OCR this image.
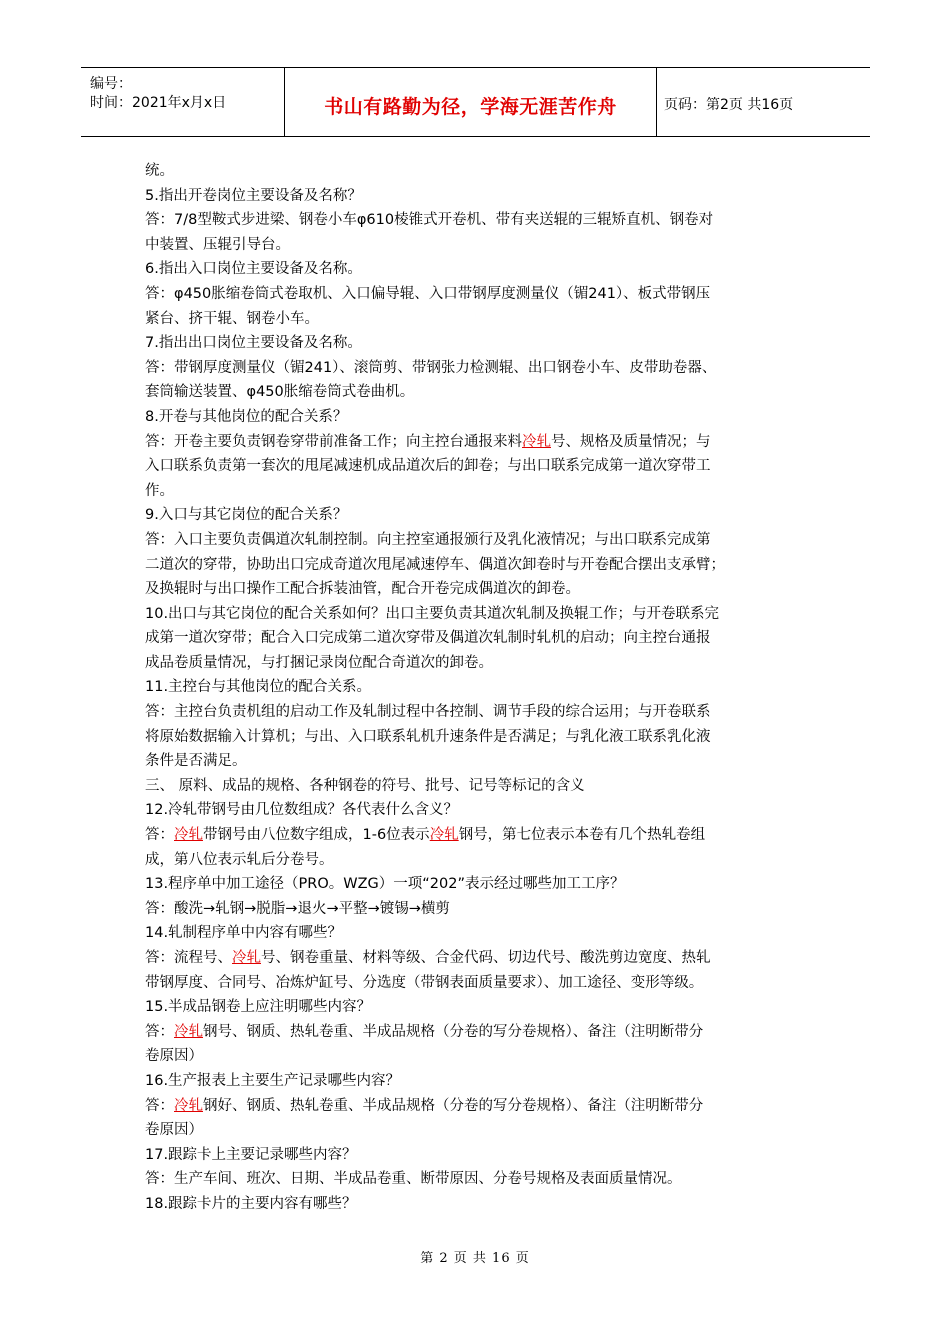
编号：
时间：2021年x月x日	书山有路勤为径，学海无涯苦作舟	页码：第2页 共16页
统。
5.指出开卷岗位主要设备及名称？
答：7/8型鞍式步进梁、钢卷小车φ610棱锥式开卷机、带有夹送辊的三辊矫直机、钢卷对
中装置、压辊引导台。
6.指出入口岗位主要设备及名称。
答：φ450胀缩卷筒式卷取机、入口偏导辊、入口带钢厚度测量仪（镅241）、板式带钢压
紧台、挤干辊、钢卷小车。
7.指出出口岗位主要设备及名称。
答：带钢厚度测量仪（镅241）、滚筒剪、带钢张力检测辊、出口钢卷小车、皮带助卷器、
套筒输送装置、φ450胀缩卷筒式卷曲机。
8.开卷与其他岗位的配合关系？
答：开卷主要负责钢卷穿带前准备工作；向主控台通报来料冷轧号、规格及质量情况；与
入口联系负责第一套次的甩尾减速机成品道次后的卸卷；与出口联系完成第一道次穿带工
作。
9.入口与其它岗位的配合关系？
答：入口主要负责偶道次轧制控制。向主控室通报颁行及乳化液情况；与出口联系完成第
二道次的穿带，协助出口完成奇道次甩尾减速停车、偶道次卸卷时与开卷配合摆出支承臂；
及换辊时与出口操作工配合拆装油管，配合开卷完成偶道次的卸卷。
10.出口与其它岗位的配合关系如何？出口主要负责其道次轧制及换辊工作；与开卷联系完
成第一道次穿带；配合入口完成第二道次穿带及偶道次轧制时轧机的启动；向主控台通报
成品卷质量情况，与打捆记录岗位配合奇道次的卸卷。
11.主控台与其他岗位的配合关系。
答：主控台负责机组的启动工作及轧制过程中各控制、调节手段的综合运用；与开卷联系
将原始数据输入计算机；与出、入口联系轧机升速条件是否满足；与乳化液工联系乳化液
条件是否满足。
三、 原料、成品的规格、各种钢卷的符号、批号、记号等标记的含义
12.冷轧带钢号由几位数组成？各代表什么含义？
答：冷轧带钢号由八位数字组成，1-6位表示冷轧钢号，第七位表示本卷有几个热轧卷组
成，第八位表示轧后分卷号。
13.程序单中加工途径（PRO。WZG）一项“202”表示经过哪些加工工序？
答：酸洗→轧钢→脱脂→退火→平整→镀锡→横剪
14.轧制程序单中内容有哪些？
答：流程号、冷轧号、钢卷重量、材料等级、合金代码、切边代号、酸洗剪边宽度、热轧
带钢厚度、合同号、冶炼炉缸号、分选度（带钢表面质量要求）、加工途径、变形等级。
15.半成品钢卷上应注明哪些内容？
答：冷轧钢号、钢质、热轧卷重、半成品规格（分卷的写分卷规格）、备注（注明断带分
卷原因）
16.生产报表上主要生产记录哪些内容？
答：冷轧钢好、钢质、热轧卷重、半成品规格（分卷的写分卷规格）、备注（注明断带分
卷原因）
17.跟踪卡上主要记录哪些内容？
答：生产车间、班次、日期、半成品卷重、断带原因、分卷号规格及表面质量情况。
18.跟踪卡片的主要内容有哪些？
第 2 页 共 16 页
